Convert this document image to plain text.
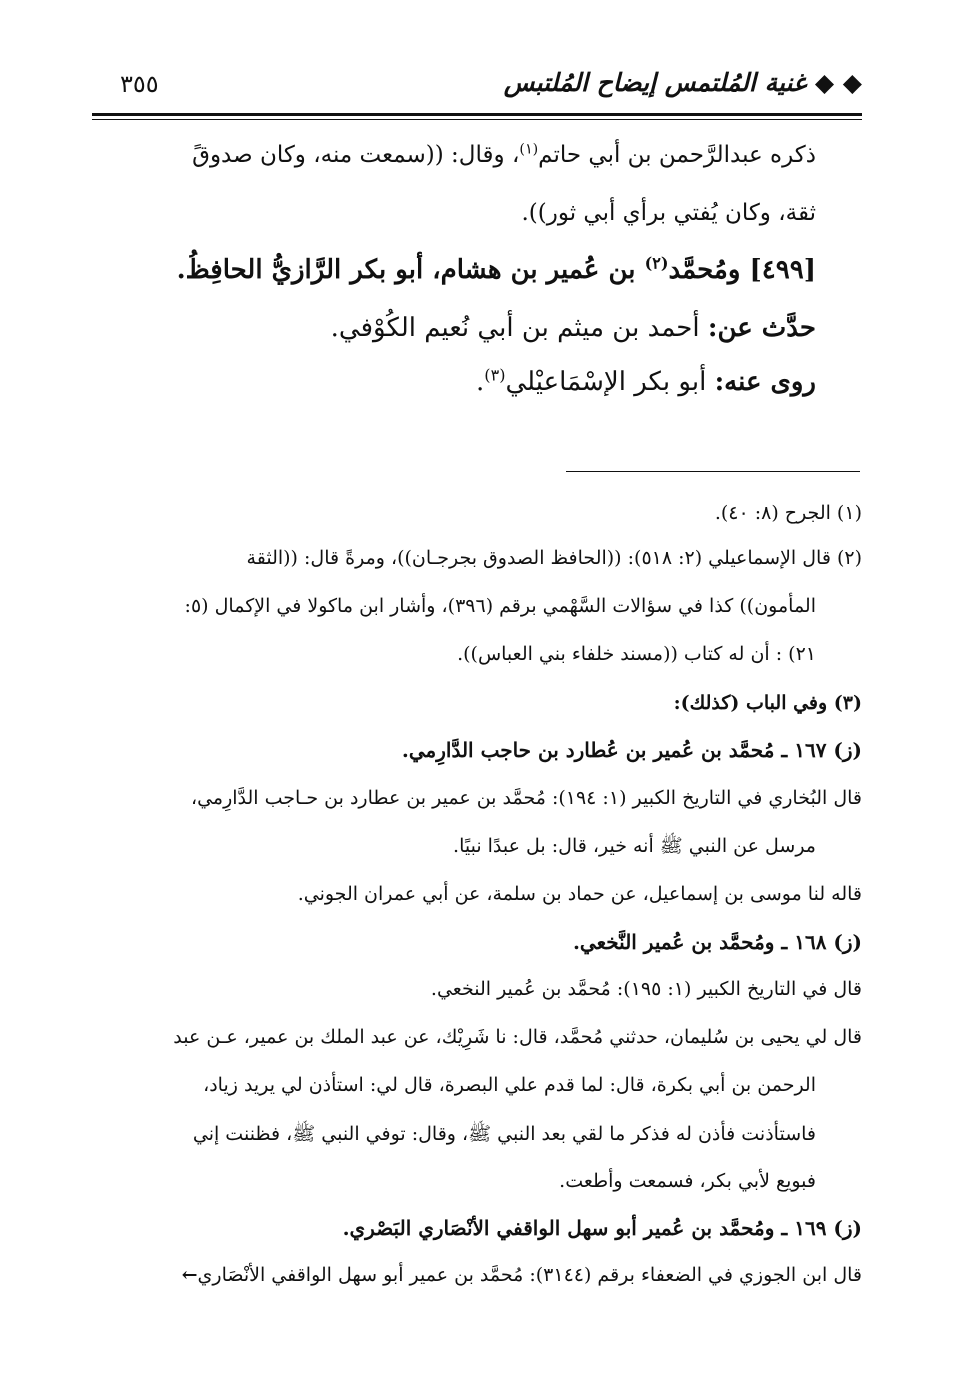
◆ ◆ غنية المُلتمس إيضاح المُلتبس
٣٥٥
ذكره عبدالرَّحمن بن أبي حاتم$^{(١)}$، وقال: ((سمعت منه، وكان صدوقً
ثقة، وكان يُفتي برأي أبي ثور)).
[٤٩٩] ومُحمَّد$^{(٢)}$ بن عُمير بن هشام، أبو بكر الرَّازيُّ الحافِظُ.
حدَّث عن: أحمد بن ميثم بن أبي نُعيم الكُوْفي.
روى عنه: أبو بكر الإسْمَاعيْلي$^{(٣)}$.
(١) الجرح (٨: ٤٠).
(٢) قال الإسماعيلي (٢: ٥١٨): ((الحافظ الصدوق بجرجـان))، ومرةً قال: ((الثقة
المأمون)) كذا في سؤالات السَّهْمي برقم (٣٩٦)، وأشار ابن ماكولا في الإكمال (٥:
٢١) : أن له كتاب ((مسند خلفاء بني العباس)).
(٣) وفي الباب (كذلك):
(ز) ١٦٧ ـ مُحمَّد بن عُمير بن عُطارد بن حاجب الدَّارِمي.
قال البُخاري في التاريخ الكبير (١: ١٩٤): مُحمَّد بن عمير بن عطارد بن حـاجب الدَّارِمي،
مرسل عن النبي ﷺ أنه خير، قال: بل عبدًا نبيًا.
قاله لنا موسى بن إسماعيل، عن حماد بن سلمة، عن أبي عمران الجوني.
(ز) ١٦٨ ـ ومُحمَّد بن عُمير النَّخعي.
قال في التاريخ الكبير (١: ١٩٥): مُحمَّد بن عُمير النخعي.
قال لي يحيى بن سُليمان، حدثني مُحمَّد، قال: نا شَرِيْك، عن عبد الملك بن عمير، عـن عبد
الرحمن بن أبي بكرة، قال: لما قدم علي البصرة، قال لي: استأذن لي يريد زياد،
فاستأذنت فأذن له فذكر ما لقي بعد النبي ﷺ، وقال: توفي النبي ﷺ، فظننت إني
فبويع لأبي بكر، فسمعت وأطعت.
(ز) ١٦٩ ـ ومُحمَّد بن عُمير أبو سهل الواقفي الأنْصَاري البَصْري.
قال ابن الجوزي في الضعفاء برقم (٣١٤٤): مُحمَّد بن عمير أبو سهل الواقفي الأنْصَاري←
